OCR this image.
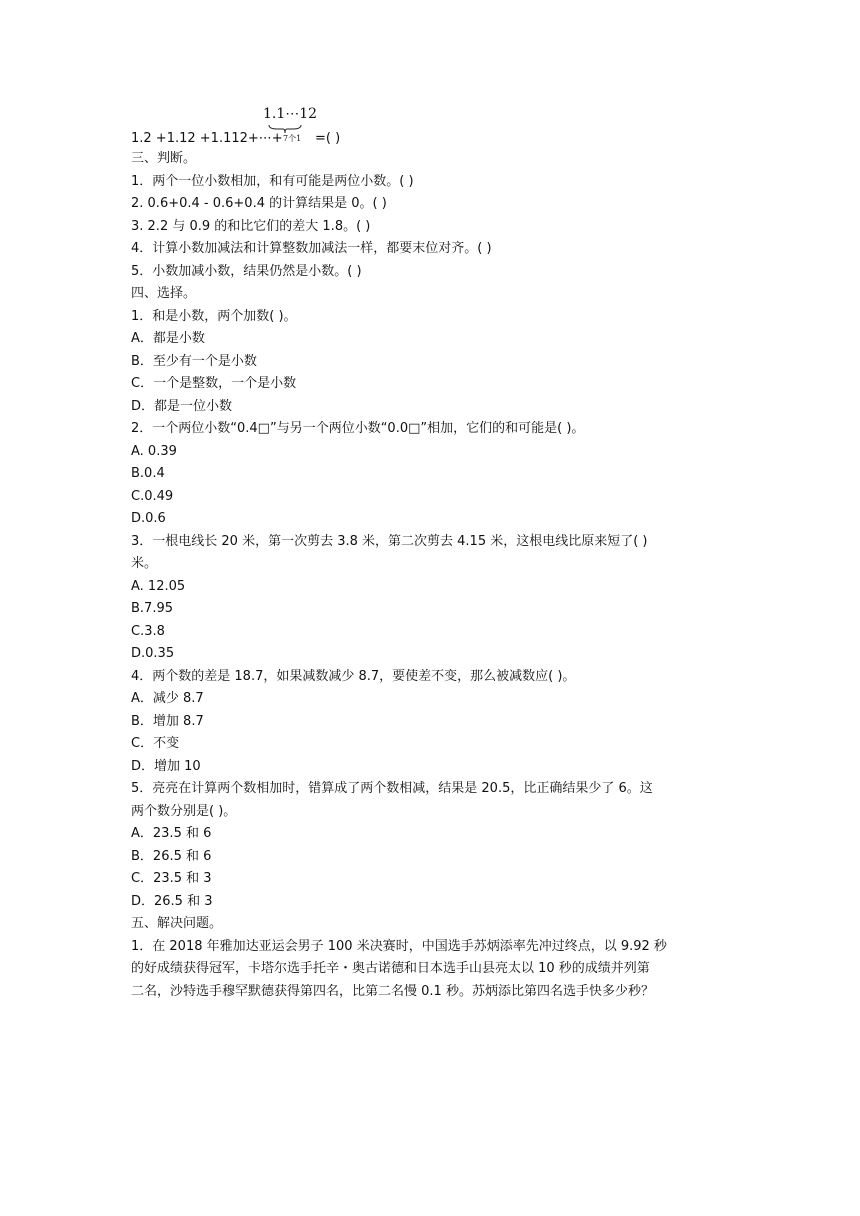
1.1⋯12
7个1
1.2 +1.12 +1.112+⋯+ =( )
三、判断。
1．两个一位小数相加，和有可能是两位小数。( )
2. 0.6+0.4 - 0.6+0.4 的计算结果是 0。( )
3. 2.2 与 0.9 的和比它们的差大 1.8。( )
4．计算小数加减法和计算整数加减法一样，都要末位对齐。( )
5．小数加减小数，结果仍然是小数。( )
四、选择。
1．和是小数，两个加数( )。
A．都是小数
B．至少有一个是小数
C．一个是整数，一个是小数
D．都是一位小数
2．一个两位小数“0.4□”与另一个两位小数“0.0□”相加，它们的和可能是( )。
A. 0.39
B.0.4
C.0.49
D.0.6
3．一根电线长 20 米，第一次剪去 3.8 米，第二次剪去 4.15 米，这根电线比原来短了( )
米。
A. 12.05
B.7.95
C.3.8
D.0.35
4．两个数的差是 18.7，如果减数减少 8.7，要使差不变，那么被减数应( )。
A．减少 8.7
B．增加 8.7
C．不变
D．增加 10
5．亮亮在计算两个数相加时，错算成了两个数相减，结果是 20.5，比正确结果少了 6。这
两个数分别是( )。
A．23.5 和 6
B．26.5 和 6
C．23.5 和 3
D．26.5 和 3
五、解决问题。
1．在 2018 年雅加达亚运会男子 100 米决赛时，中国选手苏炳添率先冲过终点，以 9.92 秒
的好成绩获得冠军，卡塔尔选手托辛・奥古诺德和日本选手山县亮太以 10 秒的成绩并列第
二名，沙特选手穆罕默德获得第四名，比第二名慢 0.1 秒。苏炳添比第四名选手快多少秒？
